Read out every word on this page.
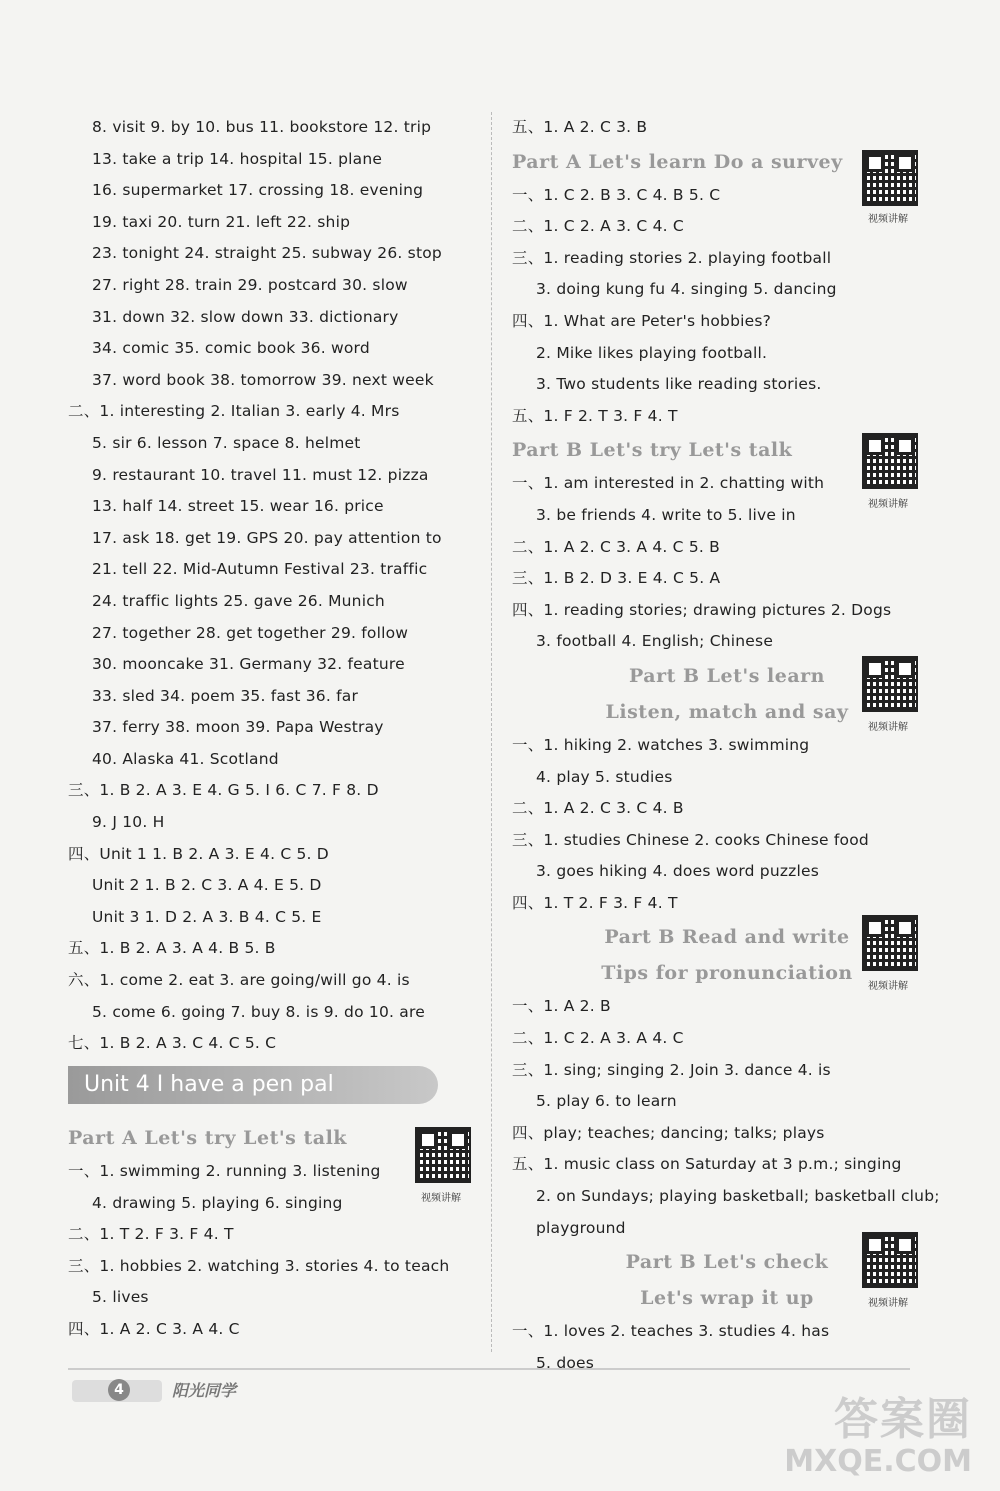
8. visit 9. by 10. bus 11. bookstore 12. trip
13. take a trip 14. hospital 15. plane
16. supermarket 17. crossing 18. evening
19. taxi 20. turn 21. left 22. ship
23. tonight 24. straight 25. subway 26. stop
27. right 28. train 29. postcard 30. slow
31. down 32. slow down 33. dictionary
34. comic 35. comic book 36. word
37. word book 38. tomorrow 39. next week
二、1. interesting 2. Italian 3. early 4. Mrs
5. sir 6. lesson 7. space 8. helmet
9. restaurant 10. travel 11. must 12. pizza
13. half 14. street 15. wear 16. price
17. ask 18. get 19. GPS 20. pay attention to
21. tell 22. Mid-Autumn Festival 23. traffic
24. traffic lights 25. gave 26. Munich
27. together 28. get together 29. follow
30. mooncake 31. Germany 32. feature
33. sled 34. poem 35. fast 36. far
37. ferry 38. moon 39. Papa Westray
40. Alaska 41. Scotland
三、1. B 2. A 3. E 4. G 5. I 6. C 7. F 8. D
9. J 10. H
四、Unit 1 1. B 2. A 3. E 4. C 5. D
Unit 2 1. B 2. C 3. A 4. E 5. D
Unit 3 1. D 2. A 3. B 4. C 5. E
五、1. B 2. A 3. A 4. B 5. B
六、1. come 2. eat 3. are going/will go 4. is
5. come 6. going 7. buy 8. is 9. do 10. are
七、1. B 2. A 3. C 4. C 5. C
Unit 4 I have a pen pal
Part A Let's try Let's talk
一、1. swimming 2. running 3. listening
4. drawing 5. playing 6. singing
二、1. T 2. F 3. F 4. T
三、1. hobbies 2. watching 3. stories 4. to teach
5. lives
四、1. A 2. C 3. A 4. C
五、1. A 2. C 3. B
Part A Let's learn Do a survey
一、1. C 2. B 3. C 4. B 5. C
二、1. C 2. A 3. C 4. C
三、1. reading stories 2. playing football
3. doing kung fu 4. singing 5. dancing
四、1. What are Peter's hobbies?
2. Mike likes playing football.
3. Two students like reading stories.
五、1. F 2. T 3. F 4. T
Part B Let's try Let's talk
一、1. am interested in 2. chatting with
3. be friends 4. write to 5. live in
二、1. A 2. C 3. A 4. C 5. B
三、1. B 2. D 3. E 4. C 5. A
四、1. reading stories; drawing pictures 2. Dogs
3. football 4. English; Chinese
Part B Let's learn
Listen, match and say
一、1. hiking 2. watches 3. swimming
4. play 5. studies
二、1. A 2. C 3. C 4. B
三、1. studies Chinese 2. cooks Chinese food
3. goes hiking 4. does word puzzles
四、1. T 2. F 3. F 4. T
Part B Read and write
Tips for pronunciation
一、1. A 2. B
二、1. C 2. A 3. A 4. C
三、1. sing; singing 2. Join 3. dance 4. is
5. play 6. to learn
四、play; teaches; dancing; talks; plays
五、1. music class on Saturday at 3 p.m.; singing
2. on Sundays; playing basketball; basketball club;
playground
Part B Let's check
Let's wrap it up
一、1. loves 2. teaches 3. studies 4. has
5. does
视频讲解
视频讲解
视频讲解
视频讲解
视频讲解
视频讲解
4	阳光同学
答案圈
MXQE.COM
